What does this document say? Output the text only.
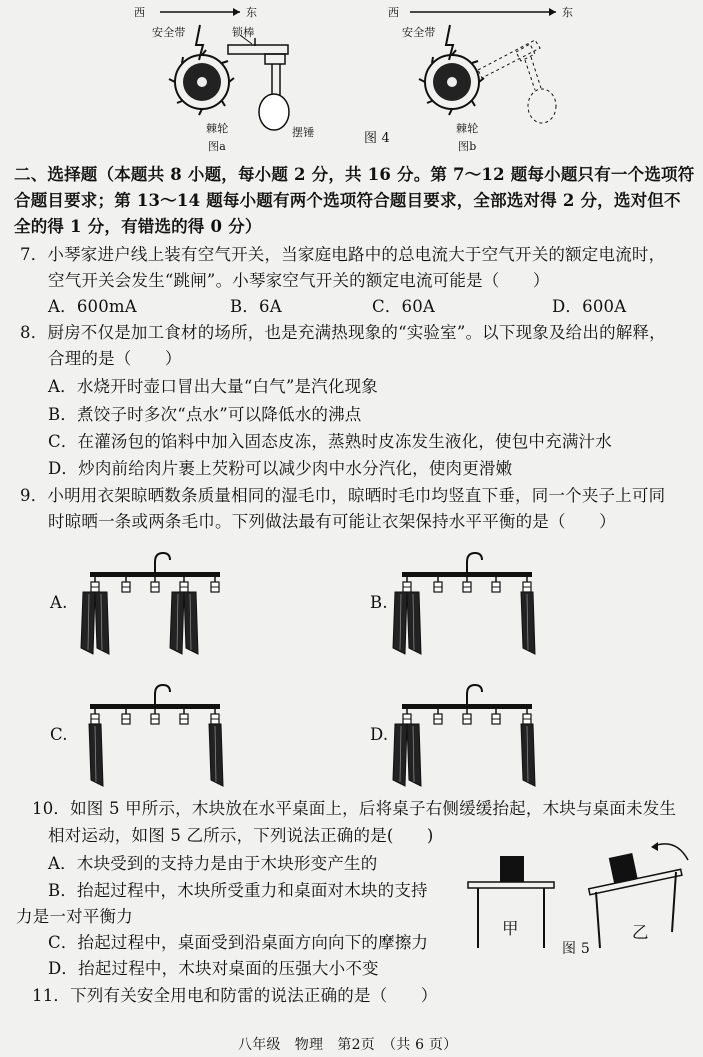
西	东
安全带	锁棒
棘轮	摆锤
图a
西	东
安全带
图 4
棘轮
图b
二、选择题（本题共 8 小题，每小题 2 分，共 16 分。第 7～12 题每小题只有一个选项符
合题目要求；第 13～14 题每小题有两个选项符合题目要求，全部选对得 2 分，选对但不
全的得 1 分，有错选的得 0 分）
7．小琴家进户线上装有空气开关，当家庭电路中的总电流大于空气开关的额定电流时，
空气开关会发生“跳闸”。小琴家空气开关的额定电流可能是（　　）
A．600mA	B．6A	C．60A	D．600A
8．厨房不仅是加工食材的场所，也是充满热现象的“实验室”。以下现象及给出的解释，
合理的是（　　）
A．水烧开时壶口冒出大量“白气”是汽化现象
B．煮饺子时多次“点水”可以降低水的沸点
C．在灌汤包的馅料中加入固态皮冻，蒸熟时皮冻发生液化，使包中充满汁水
D．炒肉前给肉片裹上芡粉可以减少肉中水分汽化，使肉更滑嫩
9．小明用衣架晾晒数条质量相同的湿毛巾，晾晒时毛巾均竖直下垂，同一个夹子上可同
时晾晒一条或两条毛巾。下列做法最有可能让衣架保持水平平衡的是（　　）
A.	B.
C.	D.
10．如图 5 甲所示，木块放在水平桌面上，后将桌子右侧缓缓抬起，木块与桌面未发生
相对运动，如图 5 乙所示，下列说法正确的是(　　)
A．木块受到的支持力是由于木块形变产生的
B．抬起过程中，木块所受重力和桌面对木块的支持
力是一对平衡力
C．抬起过程中，桌面受到沿桌面方向向下的摩擦力
D．抬起过程中，木块对桌面的压强大小不变
甲	乙
图 5
11．下列有关安全用电和防雷的说法正确的是（　　）
八年级　物理　第2页　（共 6 页）
